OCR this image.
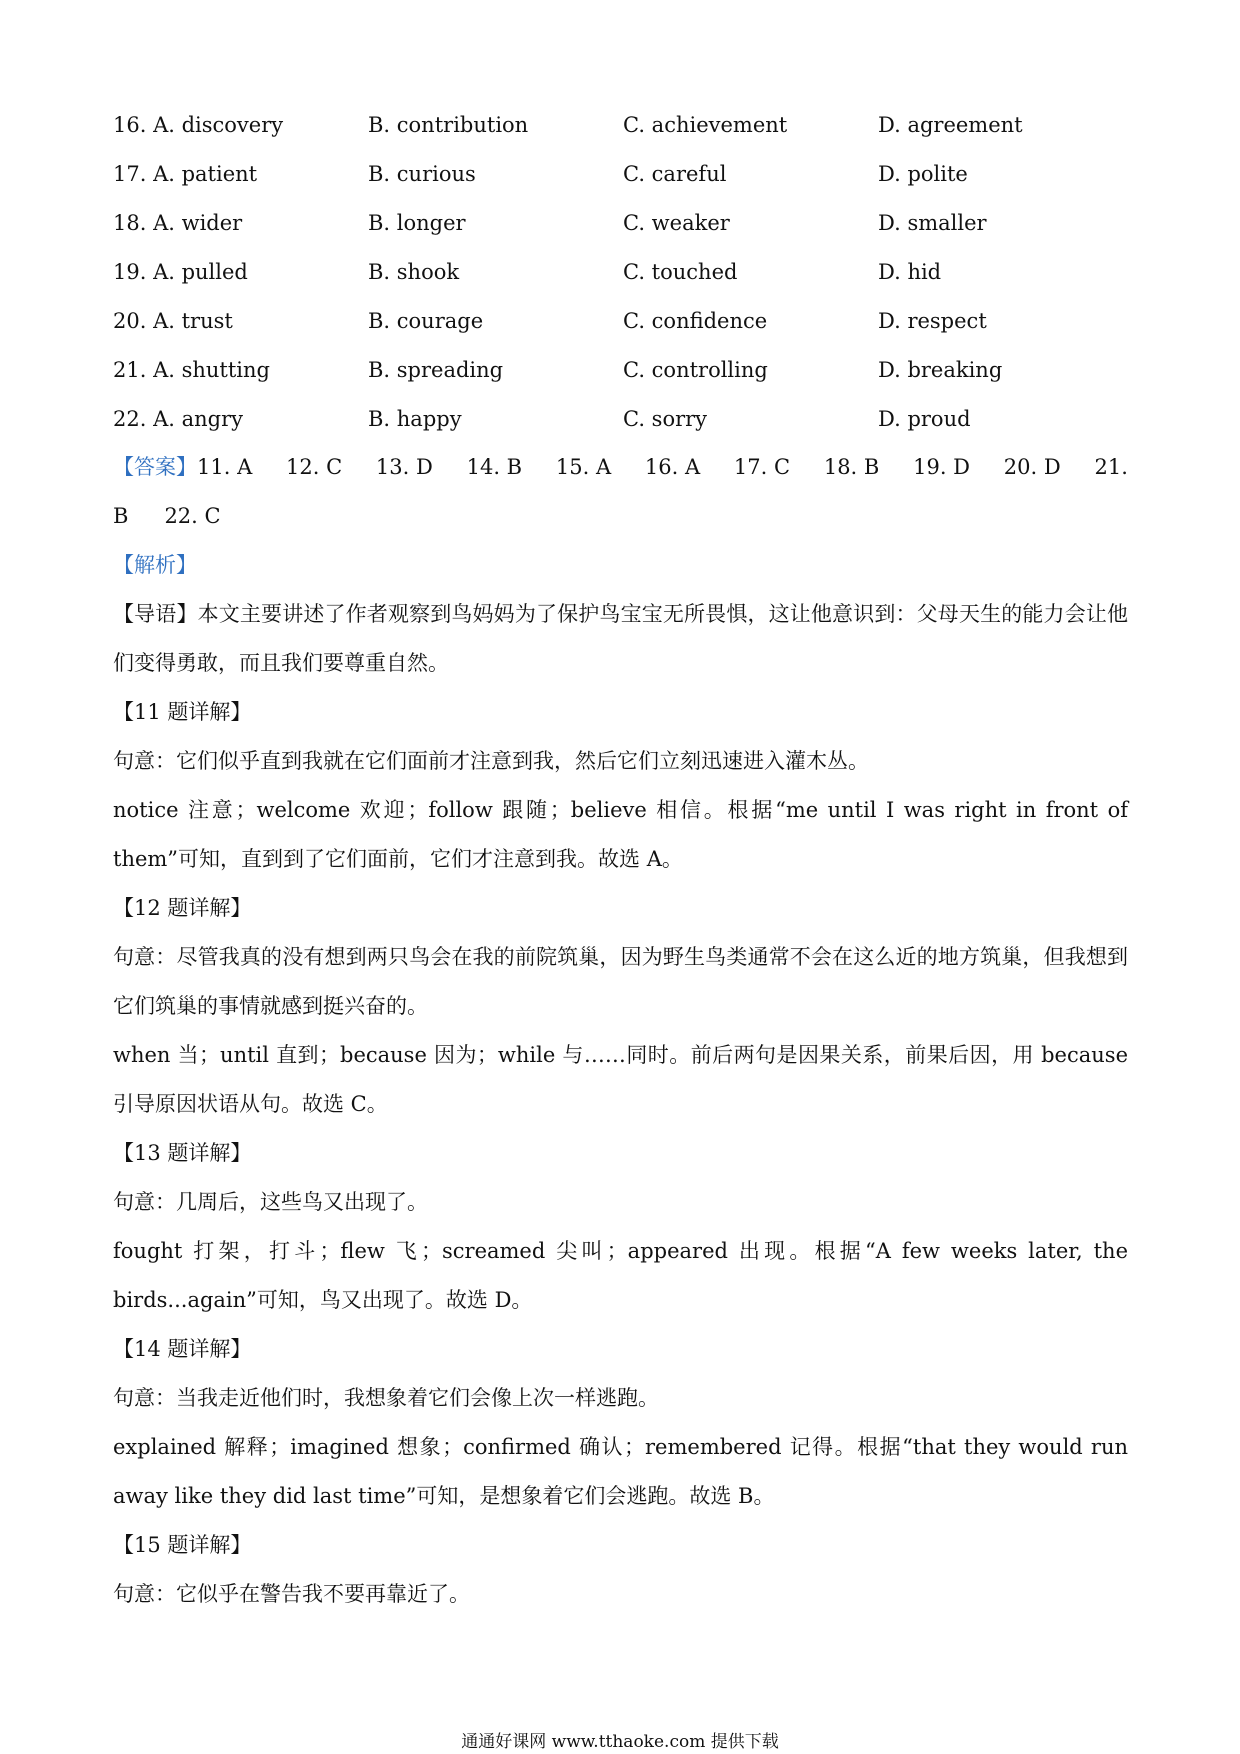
16. A. discovery	B. contribution	C. achievement	D. agreement
17. A. patient	B. curious	C. careful	D. polite
18. A. wider	B. longer	C. weaker	D. smaller
19. A. pulled	B. shook	C. touched	D. hid
20. A. trust	B. courage	C. confidence	D. respect
21. A. shutting	B. spreading	C. controlling	D. breaking
22. A. angry	B. happy	C. sorry	D. proud
【答案】 11. A 12. C 13. D 14. B 15. A 16. A 17. C 18. B 19. D 20. D 21.
B 22. C
【解析】
【导语】本文主要讲述了作者观察到鸟妈妈为了保护鸟宝宝无所畏惧，这让他意识到：父母天生的能力会让他们变得勇敢，而且我们要尊重自然。
【11 题详解】
句意：它们似乎直到我就在它们面前才注意到我，然后它们立刻迅速进入灌木丛。
notice 注意；welcome 欢迎；follow 跟随；believe 相信。根据“me until I was right in front of them”可知，直到到了它们面前，它们才注意到我。故选 A。
【12 题详解】
句意：尽管我真的没有想到两只鸟会在我的前院筑巢，因为野生鸟类通常不会在这么近的地方筑巢，但我想到它们筑巢的事情就感到挺兴奋的。
when 当；until 直到；because 因为；while 与……同时。前后两句是因果关系，前果后因，用 because 引导原因状语从句。故选 C。
【13 题详解】
句意：几周后，这些鸟又出现了。
fought 打架，打斗；flew 飞；screamed 尖叫；appeared 出现。根据“A few weeks later, the birds...again”可知，鸟又出现了。故选 D。
【14 题详解】
句意：当我走近他们时，我想象着它们会像上次一样逃跑。
explained 解释；imagined 想象；confirmed 确认；remembered 记得。根据“that they would run away like they did last time”可知，是想象着它们会逃跑。故选 B。
【15 题详解】
句意：它似乎在警告我不要再靠近了。
通通好课网 www.tthaoke.com 提供下载
